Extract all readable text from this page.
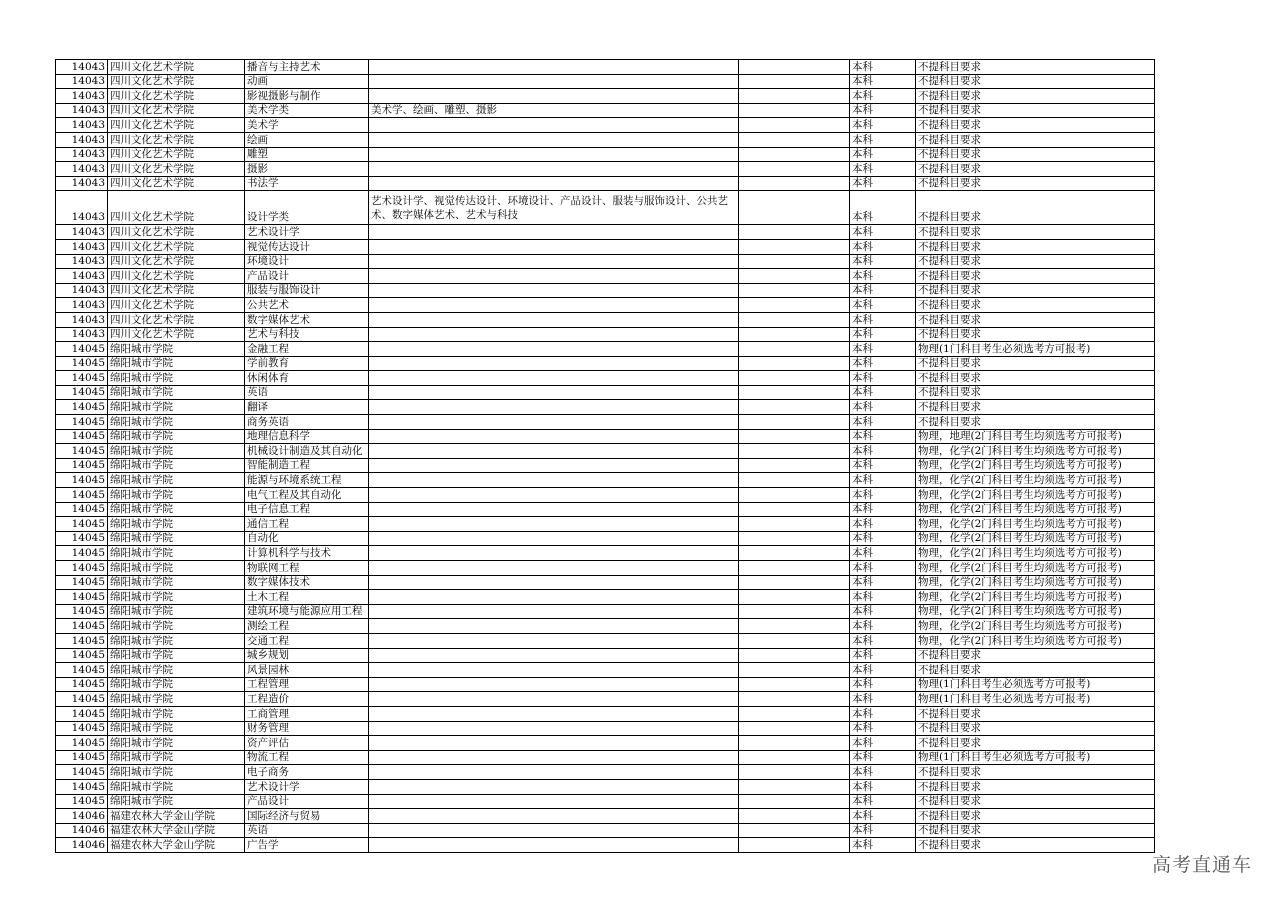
14043	四川文化艺术学院	播音与主持艺术			本科	不提科目要求
14043	四川文化艺术学院	动画			本科	不提科目要求
14043	四川文化艺术学院	影视摄影与制作			本科	不提科目要求
14043	四川文化艺术学院	美术学类	美术学、绘画、雕塑、摄影		本科	不提科目要求
14043	四川文化艺术学院	美术学			本科	不提科目要求
14043	四川文化艺术学院	绘画			本科	不提科目要求
14043	四川文化艺术学院	雕塑			本科	不提科目要求
14043	四川文化艺术学院	摄影			本科	不提科目要求
14043	四川文化艺术学院	书法学			本科	不提科目要求
14043	四川文化艺术学院	设计学类	艺术设计学、视觉传达设计、环境设计、产品设计、服装与服饰设计、公共艺术、数字媒体艺术、艺术与科技		本科	不提科目要求
14043	四川文化艺术学院	艺术设计学			本科	不提科目要求
14043	四川文化艺术学院	视觉传达设计			本科	不提科目要求
14043	四川文化艺术学院	环境设计			本科	不提科目要求
14043	四川文化艺术学院	产品设计			本科	不提科目要求
14043	四川文化艺术学院	服装与服饰设计			本科	不提科目要求
14043	四川文化艺术学院	公共艺术			本科	不提科目要求
14043	四川文化艺术学院	数字媒体艺术			本科	不提科目要求
14043	四川文化艺术学院	艺术与科技			本科	不提科目要求
14045	绵阳城市学院	金融工程			本科	物理(1门科目考生必须选考方可报考)
14045	绵阳城市学院	学前教育			本科	不提科目要求
14045	绵阳城市学院	休闲体育			本科	不提科目要求
14045	绵阳城市学院	英语			本科	不提科目要求
14045	绵阳城市学院	翻译			本科	不提科目要求
14045	绵阳城市学院	商务英语			本科	不提科目要求
14045	绵阳城市学院	地理信息科学			本科	物理，地理(2门科目考生均须选考方可报考)
14045	绵阳城市学院	机械设计制造及其自动化			本科	物理，化学(2门科目考生均须选考方可报考)
14045	绵阳城市学院	智能制造工程			本科	物理，化学(2门科目考生均须选考方可报考)
14045	绵阳城市学院	能源与环境系统工程			本科	物理，化学(2门科目考生均须选考方可报考)
14045	绵阳城市学院	电气工程及其自动化			本科	物理，化学(2门科目考生均须选考方可报考)
14045	绵阳城市学院	电子信息工程			本科	物理，化学(2门科目考生均须选考方可报考)
14045	绵阳城市学院	通信工程			本科	物理，化学(2门科目考生均须选考方可报考)
14045	绵阳城市学院	自动化			本科	物理，化学(2门科目考生均须选考方可报考)
14045	绵阳城市学院	计算机科学与技术			本科	物理，化学(2门科目考生均须选考方可报考)
14045	绵阳城市学院	物联网工程			本科	物理，化学(2门科目考生均须选考方可报考)
14045	绵阳城市学院	数字媒体技术			本科	物理，化学(2门科目考生均须选考方可报考)
14045	绵阳城市学院	土木工程			本科	物理，化学(2门科目考生均须选考方可报考)
14045	绵阳城市学院	建筑环境与能源应用工程			本科	物理，化学(2门科目考生均须选考方可报考)
14045	绵阳城市学院	测绘工程			本科	物理，化学(2门科目考生均须选考方可报考)
14045	绵阳城市学院	交通工程			本科	物理，化学(2门科目考生均须选考方可报考)
14045	绵阳城市学院	城乡规划			本科	不提科目要求
14045	绵阳城市学院	风景园林			本科	不提科目要求
14045	绵阳城市学院	工程管理			本科	物理(1门科目考生必须选考方可报考)
14045	绵阳城市学院	工程造价			本科	物理(1门科目考生必须选考方可报考)
14045	绵阳城市学院	工商管理			本科	不提科目要求
14045	绵阳城市学院	财务管理			本科	不提科目要求
14045	绵阳城市学院	资产评估			本科	不提科目要求
14045	绵阳城市学院	物流工程			本科	物理(1门科目考生必须选考方可报考)
14045	绵阳城市学院	电子商务			本科	不提科目要求
14045	绵阳城市学院	艺术设计学			本科	不提科目要求
14045	绵阳城市学院	产品设计			本科	不提科目要求
14046	福建农林大学金山学院	国际经济与贸易			本科	不提科目要求
14046	福建农林大学金山学院	英语			本科	不提科目要求
14046	福建农林大学金山学院	广告学			本科	不提科目要求
高考直通车
